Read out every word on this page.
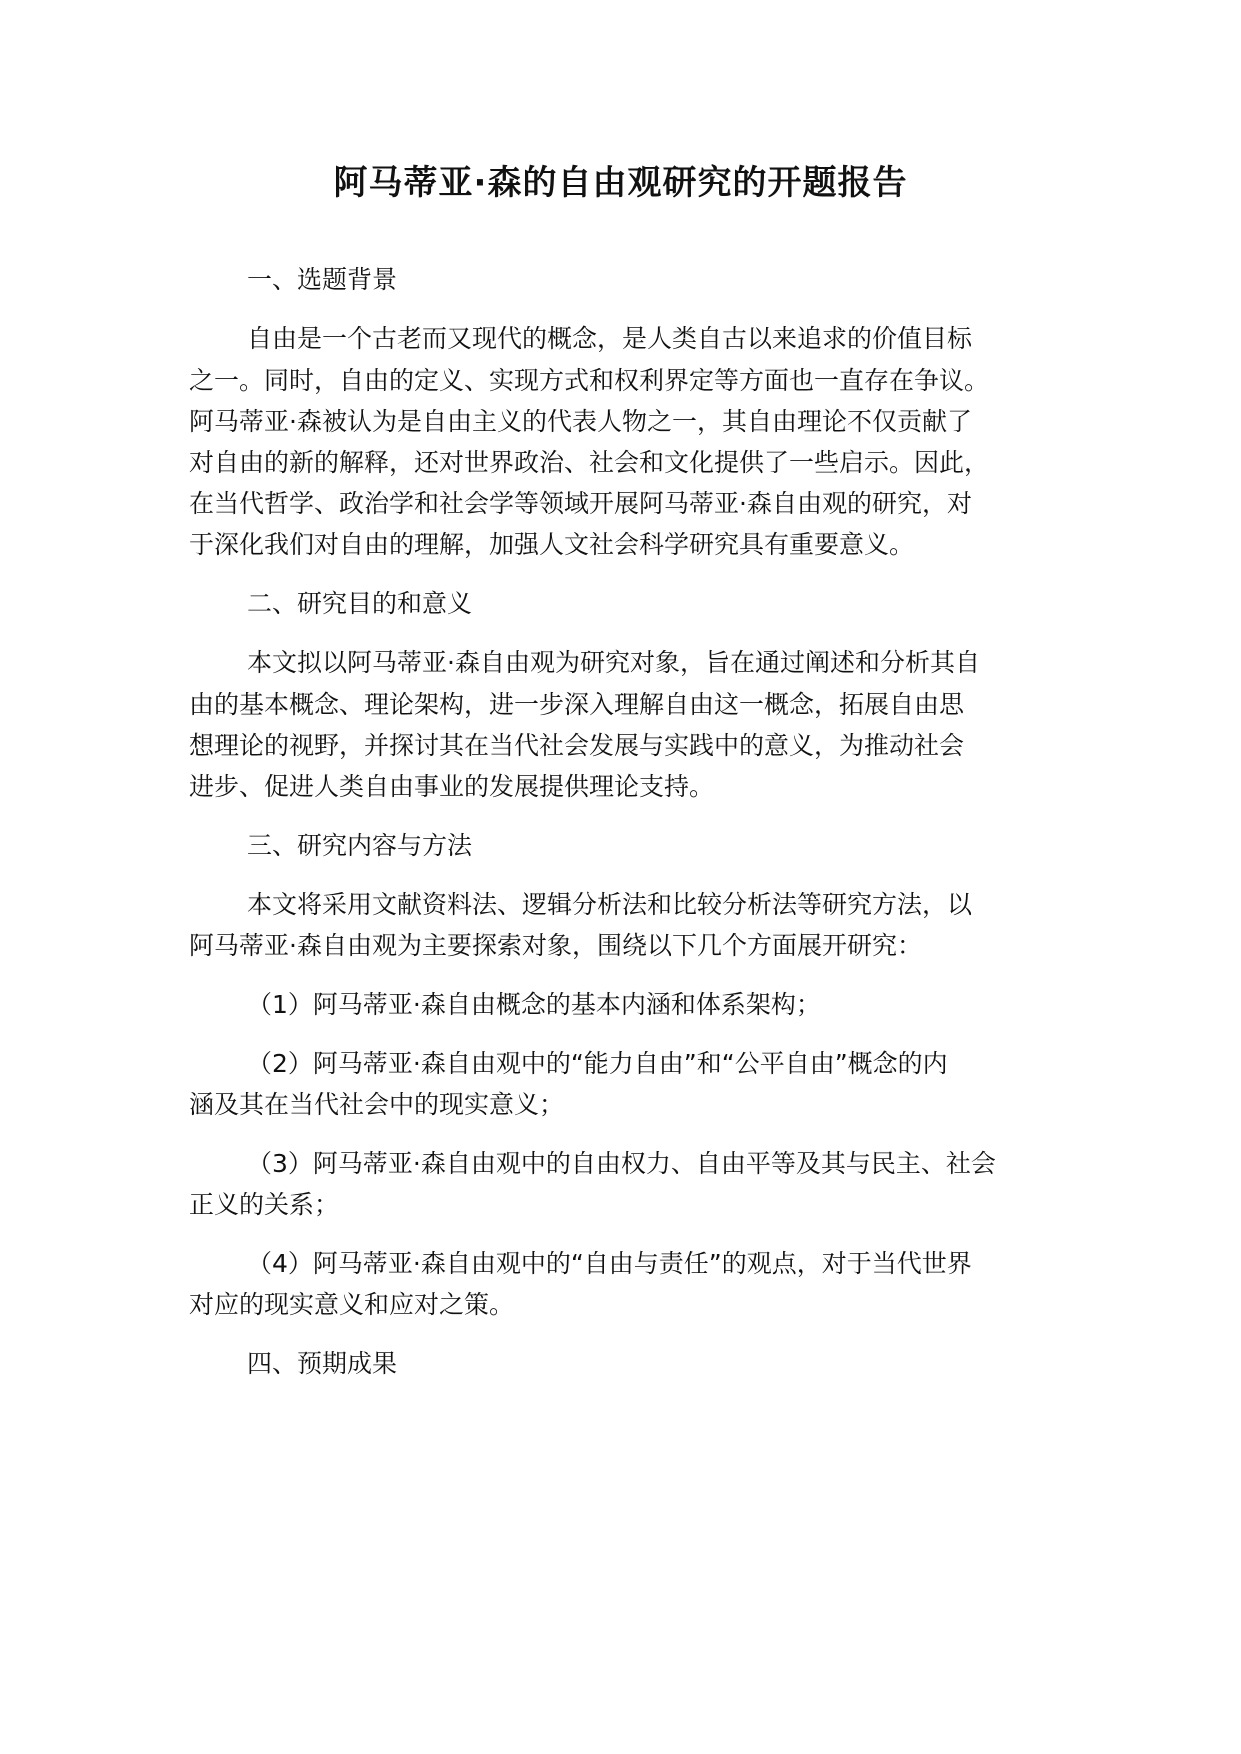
阿马蒂亚·森的自由观研究的开题报告
一、选题背景
自由是一个古老而又现代的概念，是人类自古以来追求的价值目标
之一。同时，自由的定义、实现方式和权利界定等方面也一直存在争议。
阿马蒂亚·森被认为是自由主义的代表人物之一，其自由理论不仅贡献了
对自由的新的解释，还对世界政治、社会和文化提供了一些启示。因此，
在当代哲学、政治学和社会学等领域开展阿马蒂亚·森自由观的研究，对
于深化我们对自由的理解，加强人文社会科学研究具有重要意义。
二、研究目的和意义
本文拟以阿马蒂亚·森自由观为研究对象，旨在通过阐述和分析其自
由的基本概念、理论架构，进一步深入理解自由这一概念，拓展自由思
想理论的视野，并探讨其在当代社会发展与实践中的意义，为推动社会
进步、促进人类自由事业的发展提供理论支持。
三、研究内容与方法
本文将采用文献资料法、逻辑分析法和比较分析法等研究方法，以
阿马蒂亚·森自由观为主要探索对象，围绕以下几个方面展开研究：
（1）阿马蒂亚·森自由概念的基本内涵和体系架构；
（2）阿马蒂亚·森自由观中的“能力自由”和“公平自由”概念的内
涵及其在当代社会中的现实意义；
（3）阿马蒂亚·森自由观中的自由权力、自由平等及其与民主、社会
正义的关系；
（4）阿马蒂亚·森自由观中的“自由与责任”的观点，对于当代世界
对应的现实意义和应对之策。
四、预期成果
